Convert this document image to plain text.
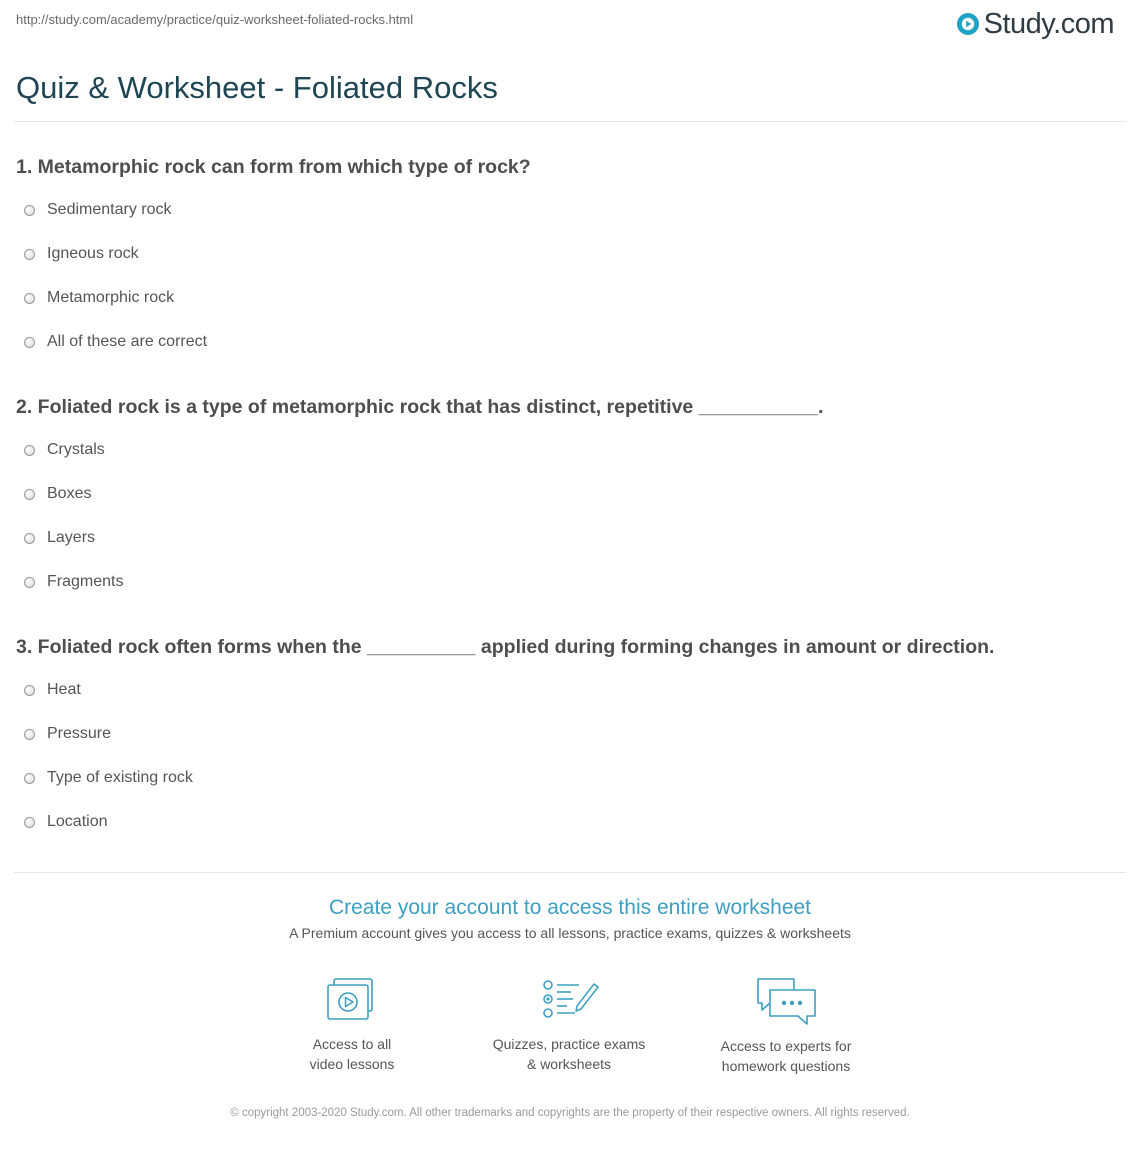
http://study.com/academy/practice/quiz-worksheet-foliated-rocks.html	Study.com
Quiz & Worksheet - Foliated Rocks

1. Metamorphic rock can form from which type of rock?

Sedimentary rock
Igneous rock
Metamorphic rock
All of these are correct

2. Foliated rock is a type of metamorphic rock that has distinct, repetitive ___________.

Crystals
Boxes
Layers
Fragments

3. Foliated rock often forms when the __________ applied during forming changes in amount or direction.

Heat
Pressure
Type of existing rock
Location
Create your account to access this entire worksheet
A Premium account gives you access to all lessons, practice exams, quizzes & worksheets
Access to all
video lessons
Quizzes, practice exams
& worksheets
Access to experts for
homework questions
© copyright 2003-2020 Study.com. All other trademarks and copyrights are the property of their respective owners. All rights reserved.
